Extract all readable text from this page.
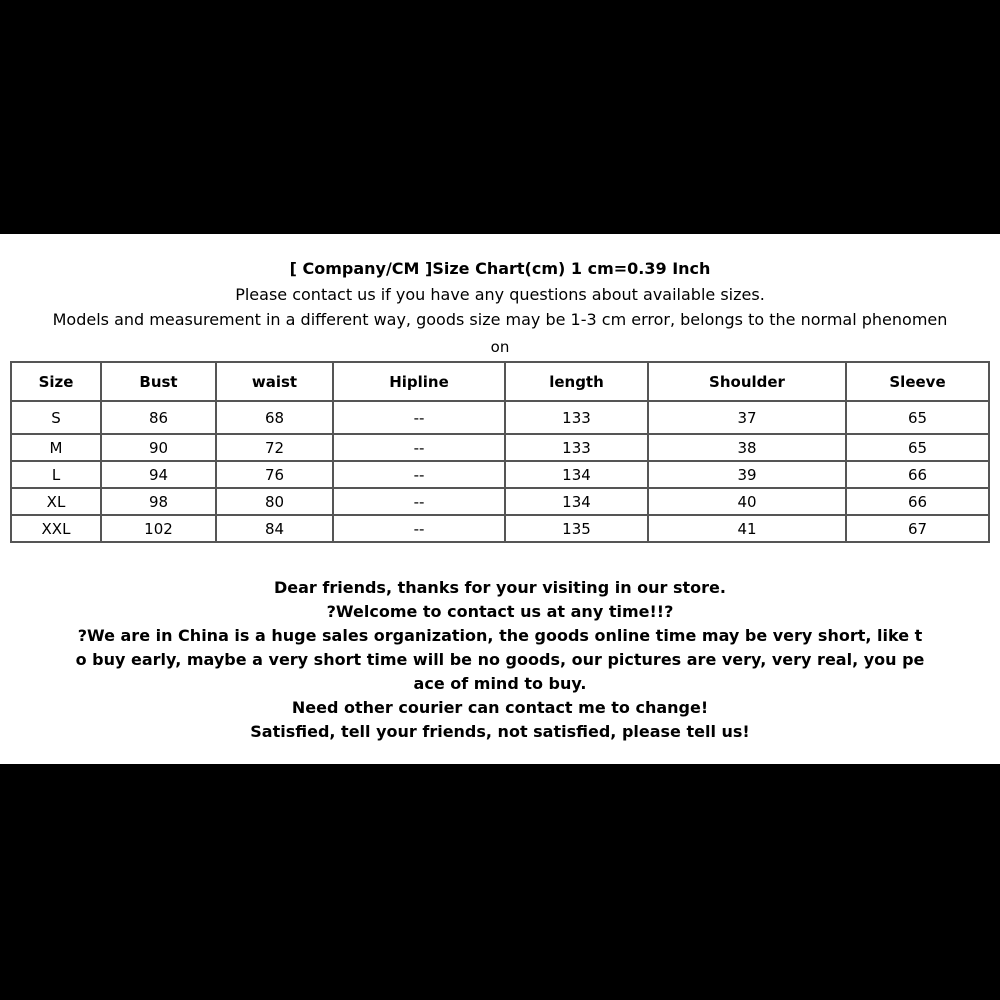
[ Company/CM ]Size Chart(cm) 1 cm=0.39 Inch
Please contact us if you have any questions about available sizes.
Models and measurement in a different way, goods size may be 1-3 cm error, belongs to the normal phenomen
on
Size	Bust	waist	Hipline	length	Shoulder	Sleeve
S	86	68	--	133	37	65
M	90	72	--	133	38	65
L	94	76	--	134	39	66
XL	98	80	--	134	40	66
XXL	102	84	--	135	41	67
Dear friends, thanks for your visiting in our store.
?Welcome to contact us at any time!!?
?We are in China is a huge sales organization, the goods online time may be very short, like t
o buy early, maybe a very short time will be no goods, our pictures are very, very real, you pe
ace of mind to buy.
Need other courier can contact me to change!
Satisfied, tell your friends, not satisfied, please tell us!
